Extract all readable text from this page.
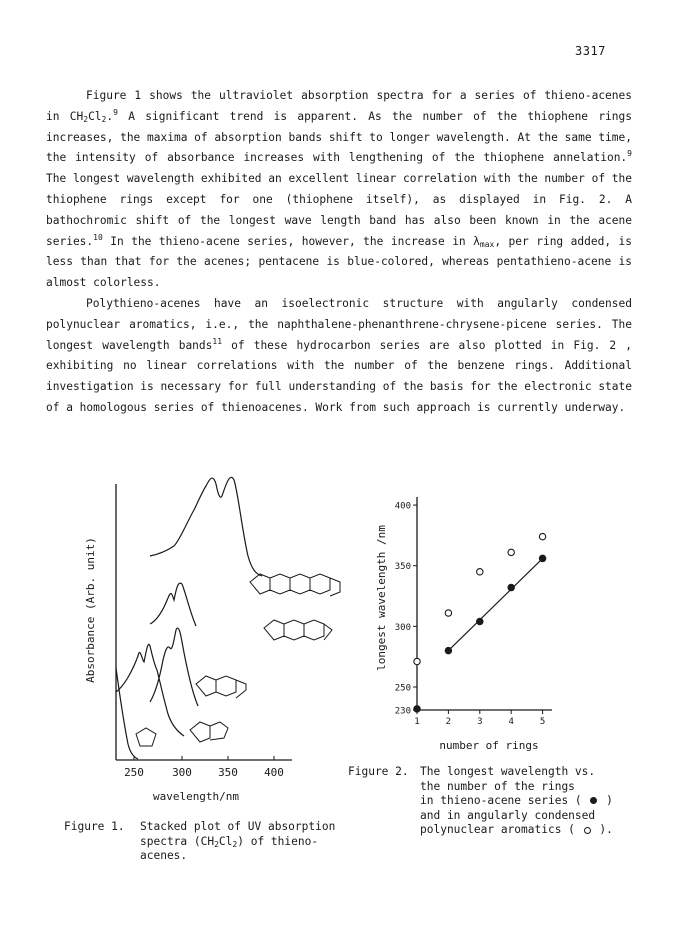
3317

Figure 1 shows the ultraviolet absorption spectra for a series of thieno-acenes in $CH_2Cl_2.^9$ A significant trend is apparent. As the number of the thiophene rings increases, the maxima of absorption bands shift to longer wavelength. At the same time, the intensity of absorbance increases with lengthening of the thiophene annelation.$^9$ The longest wavelength exhibited an excellent linear correlation with the number of the thiophene rings except for one (thiophene itself), as displayed in Fig. 2. A bathochromic shift of the longest wave length band has also been known in the acene series.$^{10}$ In the thieno-acene series, however, the increase in $\lambda_{max}$, per ring added, is less than that for the acenes; pentacene is blue-colored, whereas pentathieno-acene is almost colorless.

Polythieno-acenes have an isoelectronic structure with angularly condensed polynuclear aromatics, i.e., the naphthalene-phenanthrene-chrysene-picene series. The longest wavelength bands$^{11}$ of these hydrocarbon series are also plotted in Fig. 2 , exhibiting no linear correlations with the number of the benzene rings. Additional investigation is necessary for full understanding of the basis for the electronic state of a homologous series of thienoacenes. Work from such approach is currently underway.

250	300 350 400
wavelength/nm
Absorbance (Arb. unit)
Figure 1. Stacked plot of UV absorption
spectra $(CH_2Cl_2)$ of thieno-
acenes.
230
250
300
350
400
1	2	3	4	5
number of rings
longest wavelength /nm
Figure 2. The longest wavelength vs.
the number of the rings
in thieno-acene series ( )
and in angularly condensed
polynuclear aromatics ( ).
